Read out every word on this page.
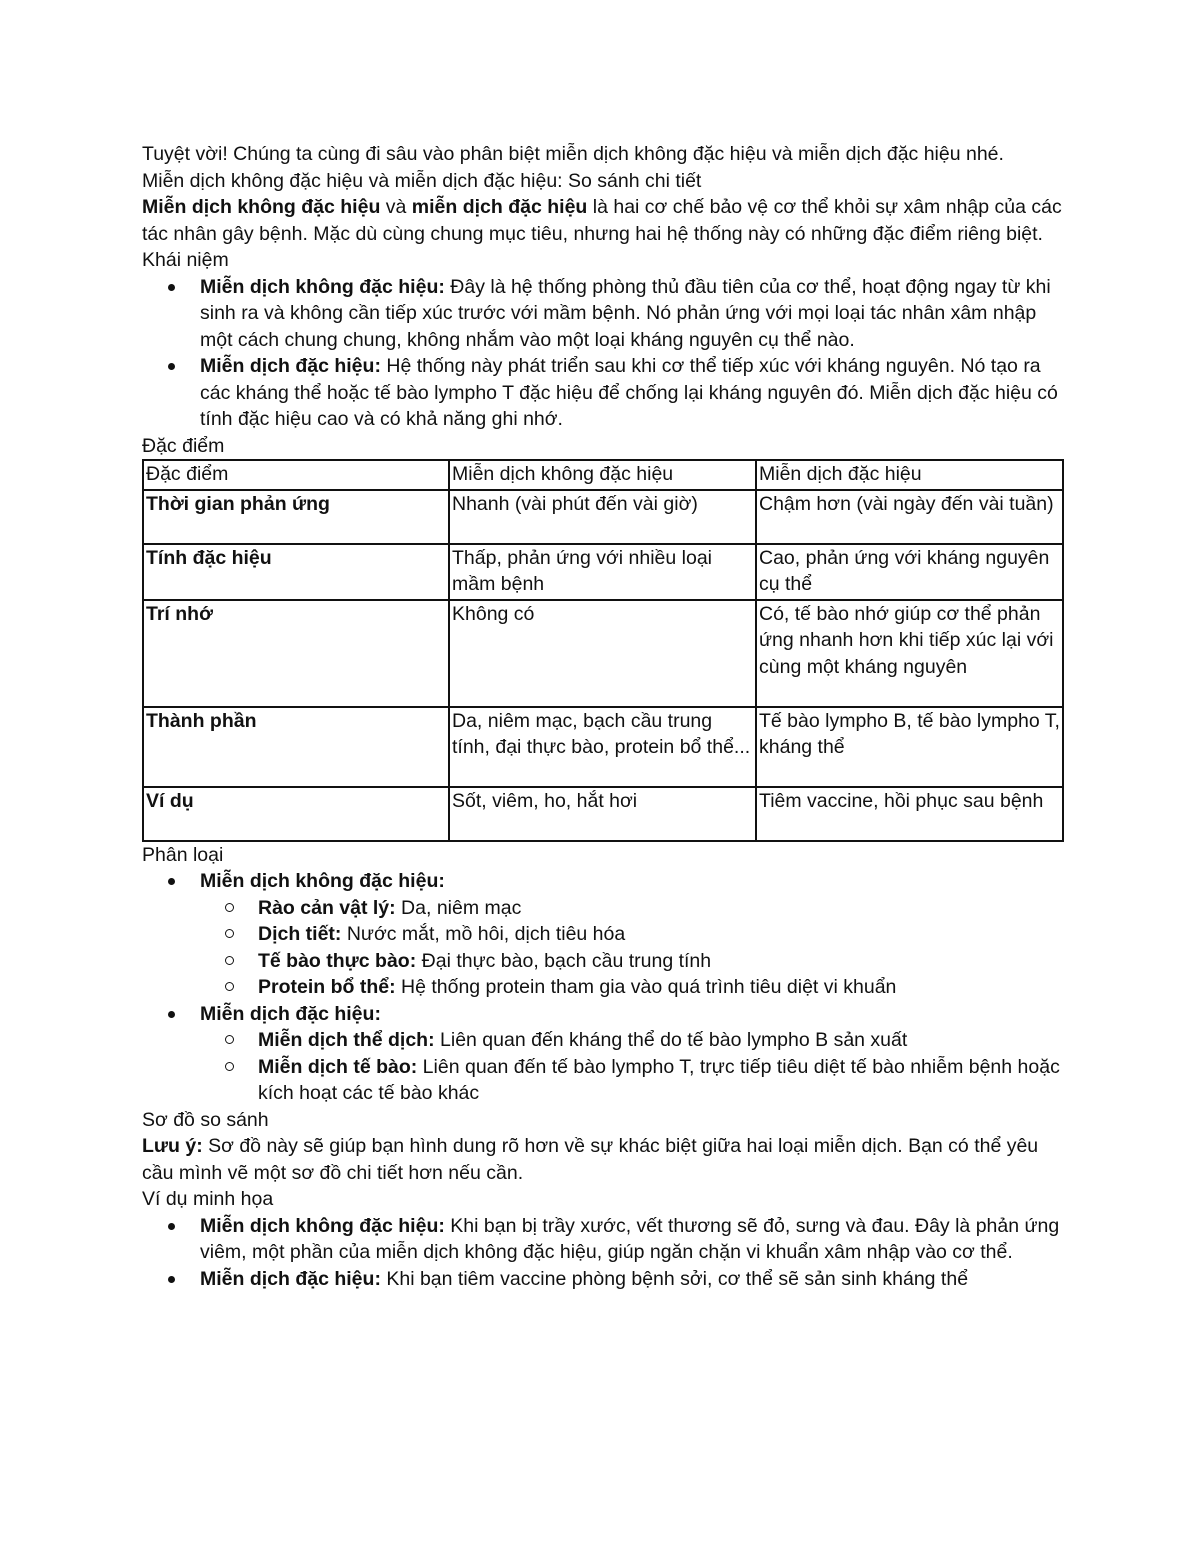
Tuyệt vời! Chúng ta cùng đi sâu vào phân biệt miễn dịch không đặc hiệu và miễn dịch đặc hiệu nhé.

Miễn dịch không đặc hiệu và miễn dịch đặc hiệu: So sánh chi tiết

Miễn dịch không đặc hiệu và miễn dịch đặc hiệu là hai cơ chế bảo vệ cơ thể khỏi sự xâm nhập của các tác nhân gây bệnh. Mặc dù cùng chung mục tiêu, nhưng hai hệ thống này có những đặc điểm riêng biệt.

Khái niệm

Miễn dịch không đặc hiệu: Đây là hệ thống phòng thủ đầu tiên của cơ thể, hoạt động ngay từ khi sinh ra và không cần tiếp xúc trước với mầm bệnh. Nó phản ứng với mọi loại tác nhân xâm nhập một cách chung chung, không nhắm vào một loại kháng nguyên cụ thể nào.
Miễn dịch đặc hiệu: Hệ thống này phát triển sau khi cơ thể tiếp xúc với kháng nguyên. Nó tạo ra các kháng thể hoặc tế bào lympho T đặc hiệu để chống lại kháng nguyên đó. Miễn dịch đặc hiệu có tính đặc hiệu cao và có khả năng ghi nhớ.

Đặc điểm

Đặc điểm	Miễn dịch không đặc hiệu	Miễn dịch đặc hiệu
Thời gian phản ứng	Nhanh (vài phút đến vài giờ)	Chậm hơn (vài ngày đến vài tuần)
Tính đặc hiệu	Thấp, phản ứng với nhiều loại mầm bệnh	Cao, phản ứng với kháng nguyên cụ thể
Trí nhớ	Không có	Có, tế bào nhớ giúp cơ thể phản ứng nhanh hơn khi tiếp xúc lại với cùng một kháng nguyên
Thành phần	Da, niêm mạc, bạch cầu trung tính, đại thực bào, protein bổ thể...	Tế bào lympho B, tế bào lympho T, kháng thể
Ví dụ	Sốt, viêm, ho, hắt hơi	Tiêm vaccine, hồi phục sau bệnh

Phân loại

Miễn dịch không đặc hiệu:
Rào cản vật lý: Da, niêm mạc
Dịch tiết: Nước mắt, mồ hôi, dịch tiêu hóa
Tế bào thực bào: Đại thực bào, bạch cầu trung tính
Protein bổ thể: Hệ thống protein tham gia vào quá trình tiêu diệt vi khuẩn
Miễn dịch đặc hiệu:
Miễn dịch thể dịch: Liên quan đến kháng thể do tế bào lympho B sản xuất
Miễn dịch tế bào: Liên quan đến tế bào lympho T, trực tiếp tiêu diệt tế bào nhiễm bệnh hoặc kích hoạt các tế bào khác

Sơ đồ so sánh

Lưu ý: Sơ đồ này sẽ giúp bạn hình dung rõ hơn về sự khác biệt giữa hai loại miễn dịch. Bạn có thể yêu cầu mình vẽ một sơ đồ chi tiết hơn nếu cần.

Ví dụ minh họa

Miễn dịch không đặc hiệu: Khi bạn bị trầy xước, vết thương sẽ đỏ, sưng và đau. Đây là phản ứng viêm, một phần của miễn dịch không đặc hiệu, giúp ngăn chặn vi khuẩn xâm nhập vào cơ thể.
Miễn dịch đặc hiệu: Khi bạn tiêm vaccine phòng bệnh sởi, cơ thể sẽ sản sinh kháng thể
